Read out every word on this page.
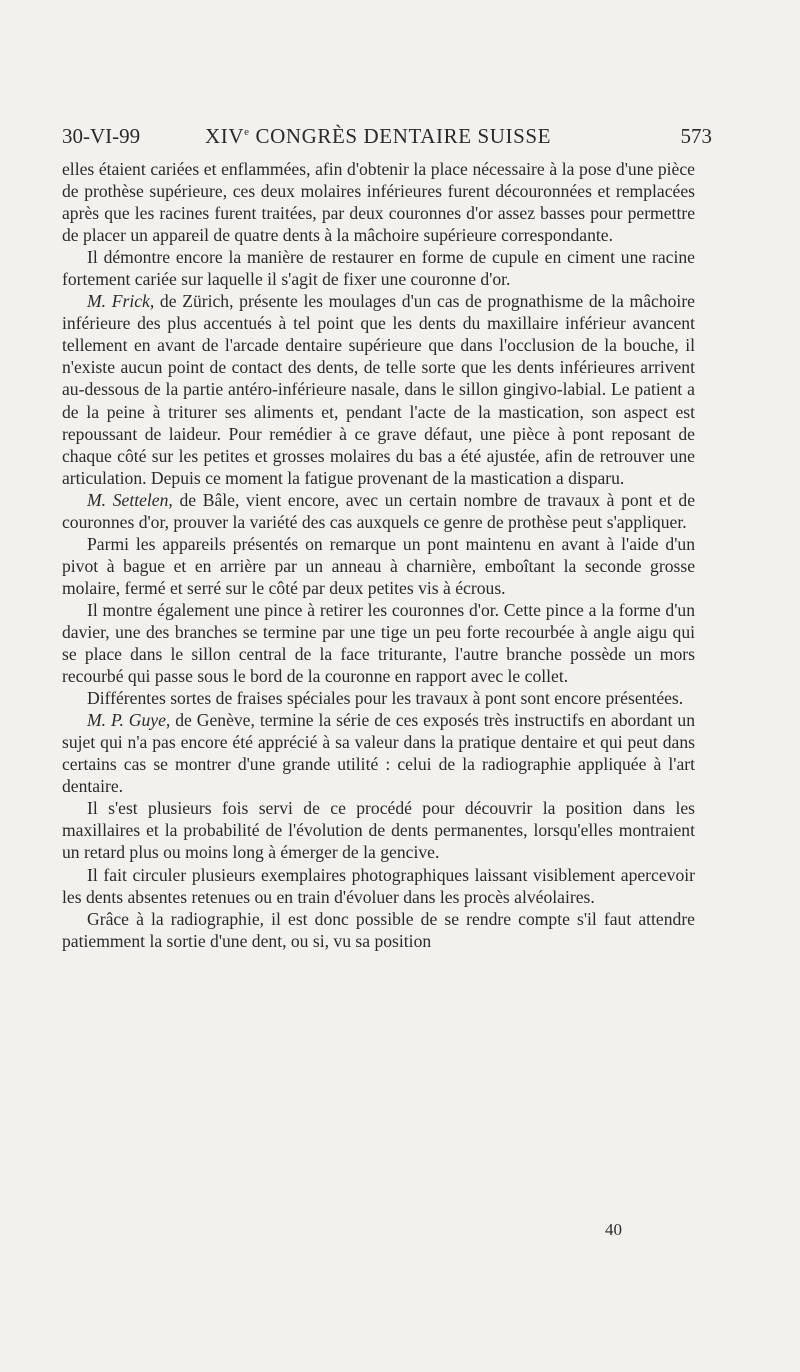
30-VI-99	XIVe CONGRÈS DENTAIRE SUISSE	573

elles étaient cariées et enflammées, afin d'obtenir la place nécessaire à la pose d'une pièce de prothèse supérieure, ces deux molaires inférieures furent découronnées et remplacées après que les racines furent traitées, par deux couronnes d'or assez basses pour permettre de placer un appareil de quatre dents à la mâchoire supérieure correspondante.

Il démontre encore la manière de restaurer en forme de cupule en ciment une racine fortement cariée sur laquelle il s'agit de fixer une couronne d'or.

M. Frick, de Zürich, présente les moulages d'un cas de prognathisme de la mâchoire inférieure des plus accentués à tel point que les dents du maxillaire inférieur avancent tellement en avant de l'arcade dentaire supérieure que dans l'occlusion de la bouche, il n'existe aucun point de contact des dents, de telle sorte que les dents inférieures arrivent au-dessous de la partie antéro-inférieure nasale, dans le sillon gingivo-labial. Le patient a de la peine à triturer ses aliments et, pendant l'acte de la mastication, son aspect est repoussant de laideur. Pour remédier à ce grave défaut, une pièce à pont reposant de chaque côté sur les petites et grosses molaires du bas a été ajustée, afin de retrouver une articulation. Depuis ce moment la fatigue provenant de la mastication a disparu.

M. Settelen, de Bâle, vient encore, avec un certain nombre de travaux à pont et de couronnes d'or, prouver la variété des cas auxquels ce genre de prothèse peut s'appliquer.

Parmi les appareils présentés on remarque un pont maintenu en avant à l'aide d'un pivot à bague et en arrière par un anneau à charnière, emboîtant la seconde grosse molaire, fermé et serré sur le côté par deux petites vis à écrous.

Il montre également une pince à retirer les couronnes d'or. Cette pince a la forme d'un davier, une des branches se termine par une tige un peu forte recourbée à angle aigu qui se place dans le sillon central de la face triturante, l'autre branche possède un mors recourbé qui passe sous le bord de la couronne en rapport avec le collet.

Différentes sortes de fraises spéciales pour les travaux à pont sont encore présentées.

M. P. Guye, de Genève, termine la série de ces exposés très instructifs en abordant un sujet qui n'a pas encore été apprécié à sa valeur dans la pratique dentaire et qui peut dans certains cas se montrer d'une grande utilité : celui de la radiographie appliquée à l'art dentaire.

Il s'est plusieurs fois servi de ce procédé pour découvrir la position dans les maxillaires et la probabilité de l'évolution de dents permanentes, lorsqu'elles montraient un retard plus ou moins long à émerger de la gencive.

Il fait circuler plusieurs exemplaires photographiques laissant visiblement apercevoir les dents absentes retenues ou en train d'évoluer dans les procès alvéolaires.

Grâce à la radiographie, il est donc possible de se rendre compte s'il faut attendre patiemment la sortie d'une dent, ou si, vu sa position

40
